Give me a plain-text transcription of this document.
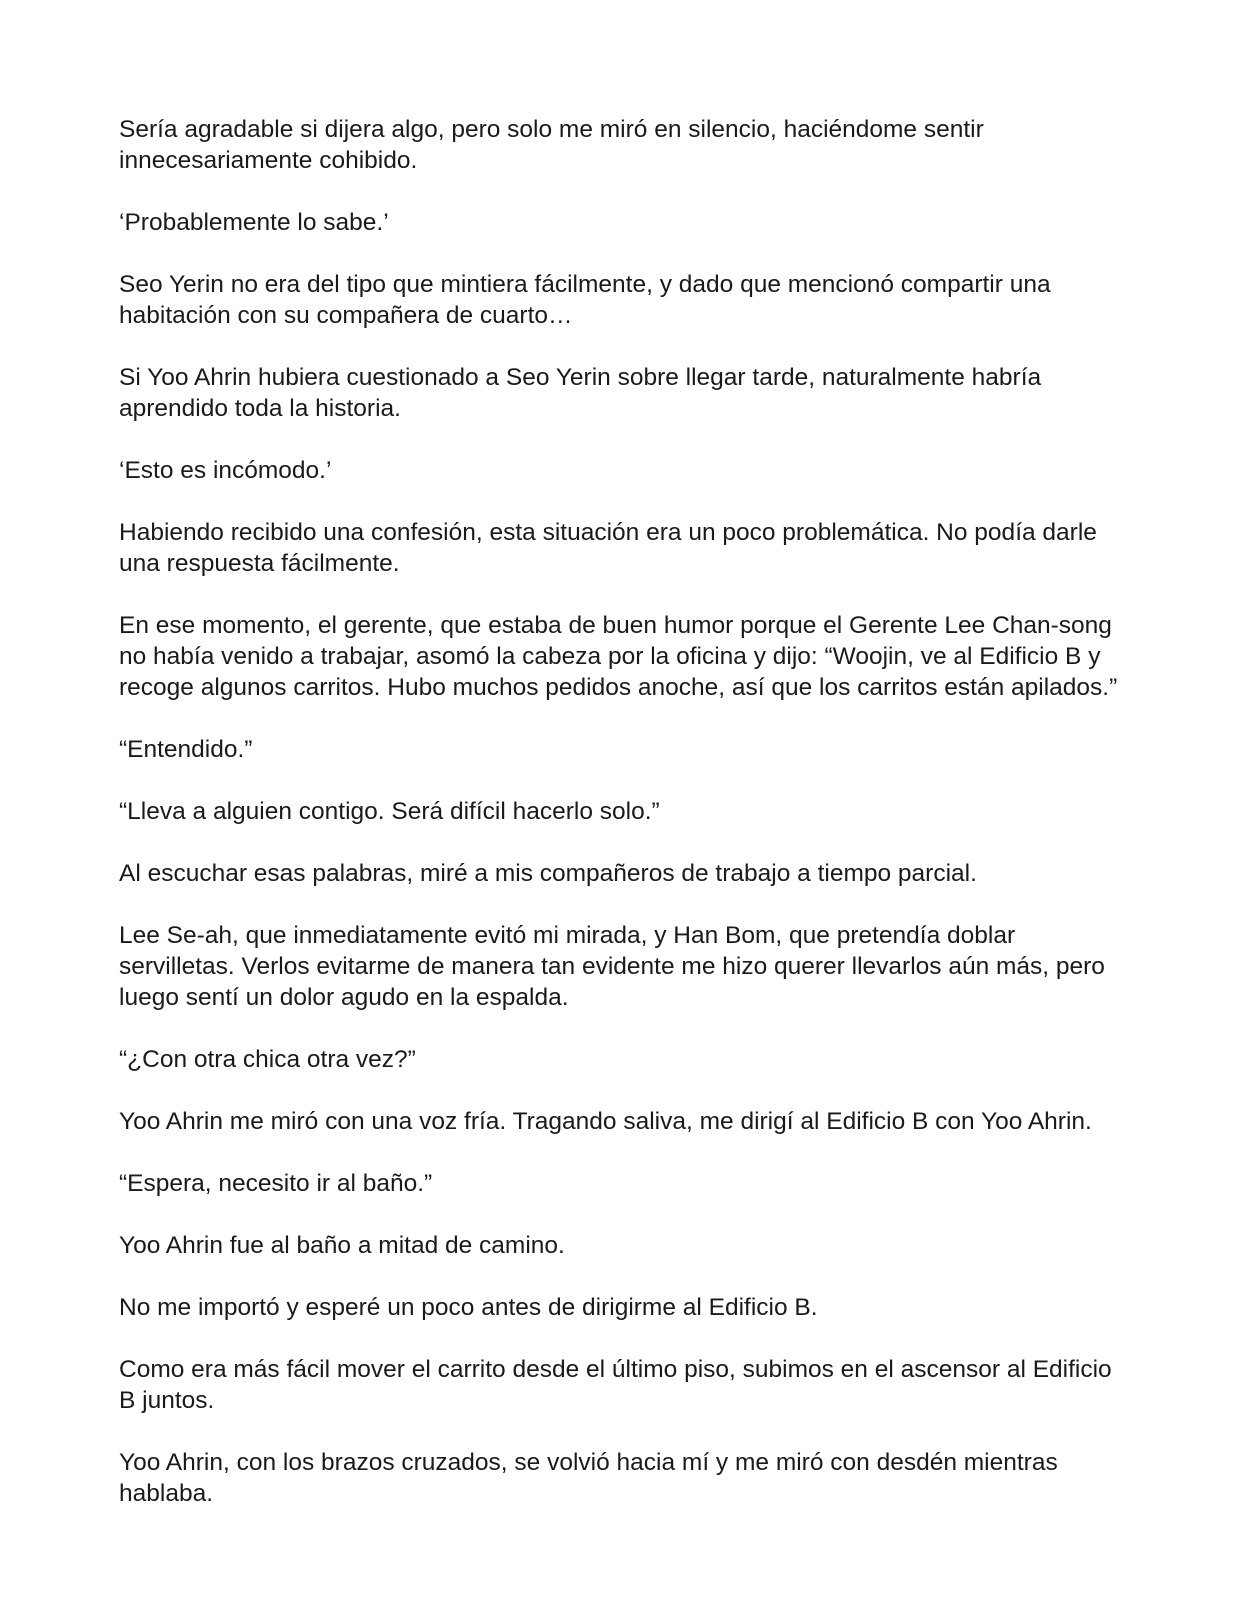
Sería agradable si dijera algo, pero solo me miró en silencio, haciéndome sentir innecesariamente cohibido.

‘Probablemente lo sabe.’

Seo Yerin no era del tipo que mintiera fácilmente, y dado que mencionó compartir una habitación con su compañera de cuarto…

Si Yoo Ahrin hubiera cuestionado a Seo Yerin sobre llegar tarde, naturalmente habría aprendido toda la historia.

‘Esto es incómodo.’

Habiendo recibido una confesión, esta situación era un poco problemática. No podía darle una respuesta fácilmente.

En ese momento, el gerente, que estaba de buen humor porque el Gerente Lee Chan-song no había venido a trabajar, asomó la cabeza por la oficina y dijo: “Woojin, ve al Edificio B y recoge algunos carritos. Hubo muchos pedidos anoche, así que los carritos están apilados.”

“Entendido.”

“Lleva a alguien contigo. Será difícil hacerlo solo.”

Al escuchar esas palabras, miré a mis compañeros de trabajo a tiempo parcial.

Lee Se-ah, que inmediatamente evitó mi mirada, y Han Bom, que pretendía doblar servilletas. Verlos evitarme de manera tan evidente me hizo querer llevarlos aún más, pero luego sentí un dolor agudo en la espalda.

“¿Con otra chica otra vez?”

Yoo Ahrin me miró con una voz fría. Tragando saliva, me dirigí al Edificio B con Yoo Ahrin.

“Espera, necesito ir al baño.”

Yoo Ahrin fue al baño a mitad de camino.

No me importó y esperé un poco antes de dirigirme al Edificio B.

Como era más fácil mover el carrito desde el último piso, subimos en el ascensor al Edificio B juntos.

Yoo Ahrin, con los brazos cruzados, se volvió hacia mí y me miró con desdén mientras hablaba.
